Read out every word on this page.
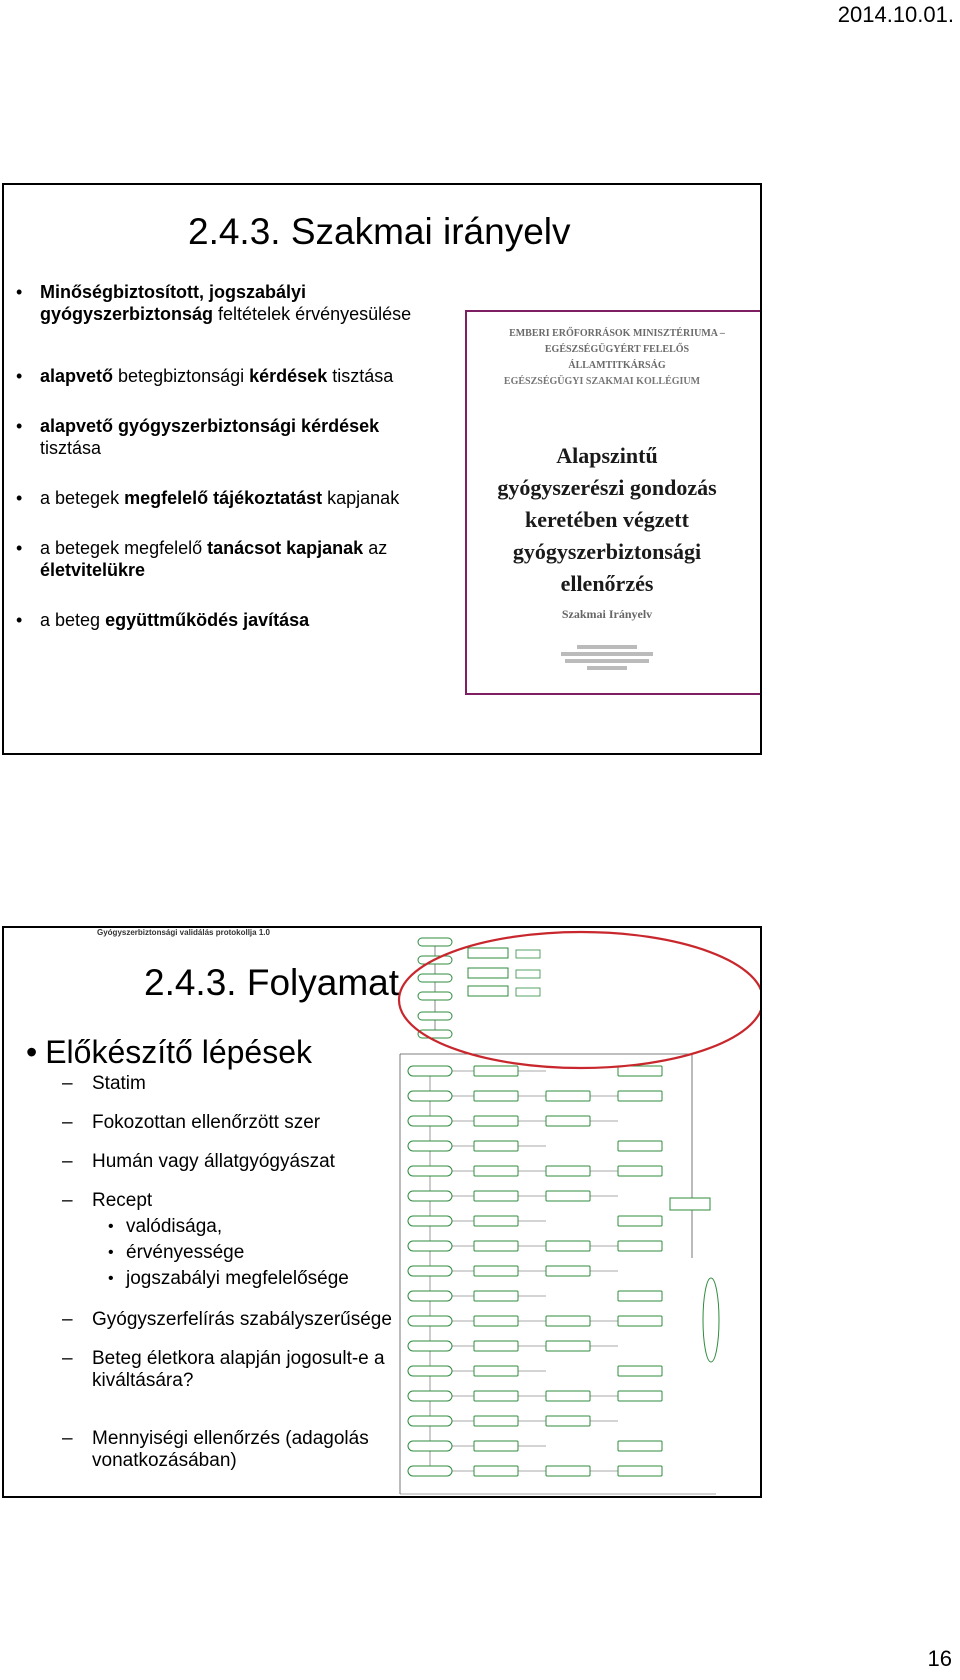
2014.10.01.
2.4.3. Szakmai irányelv
• Minőségbiztosított, jogszabályi gyógyszerbiztonság feltételek érvényesülése
• alapvető betegbiztonsági kérdések tisztása
• alapvető gyógyszerbiztonsági kérdések tisztása
• a betegek megfelelő tájékoztatást kapjanak
• a betegek megfelelő tanácsot kapjanak az életvitelükre
• a beteg együttműködés javítása
EMBERI ERŐFORRÁSOK MINISZTÉRIUMA –
EGÉSZSÉGÜGYÉRT FELELŐS ÁLLAMTITKÁRSÁG
EGÉSZSÉGÜGYI SZAKMAI KOLLÉGIUM
Alapszintű
gyógyszerészi gondozás
keretében végzett
gyógyszerbiztonsági
ellenőrzés
Szakmai Irányelv
Gyógyszerbiztonsági validálás protokollja 1.0
2.4.3. Folyamat
• Előkészítő lépések
– Statim
– Fokozottan ellenőrzött szer
– Humán vagy állatgyógyászat
– Recept
• valódisága,
• érvényessége
• jogszabályi megfelelősége
– Gyógyszerfelírás szabályszerűsége
– Beteg életkora alapján jogosult-e a kiváltására?
– Mennyiségi ellenőrzés (adagolás vonatkozásában)
16
